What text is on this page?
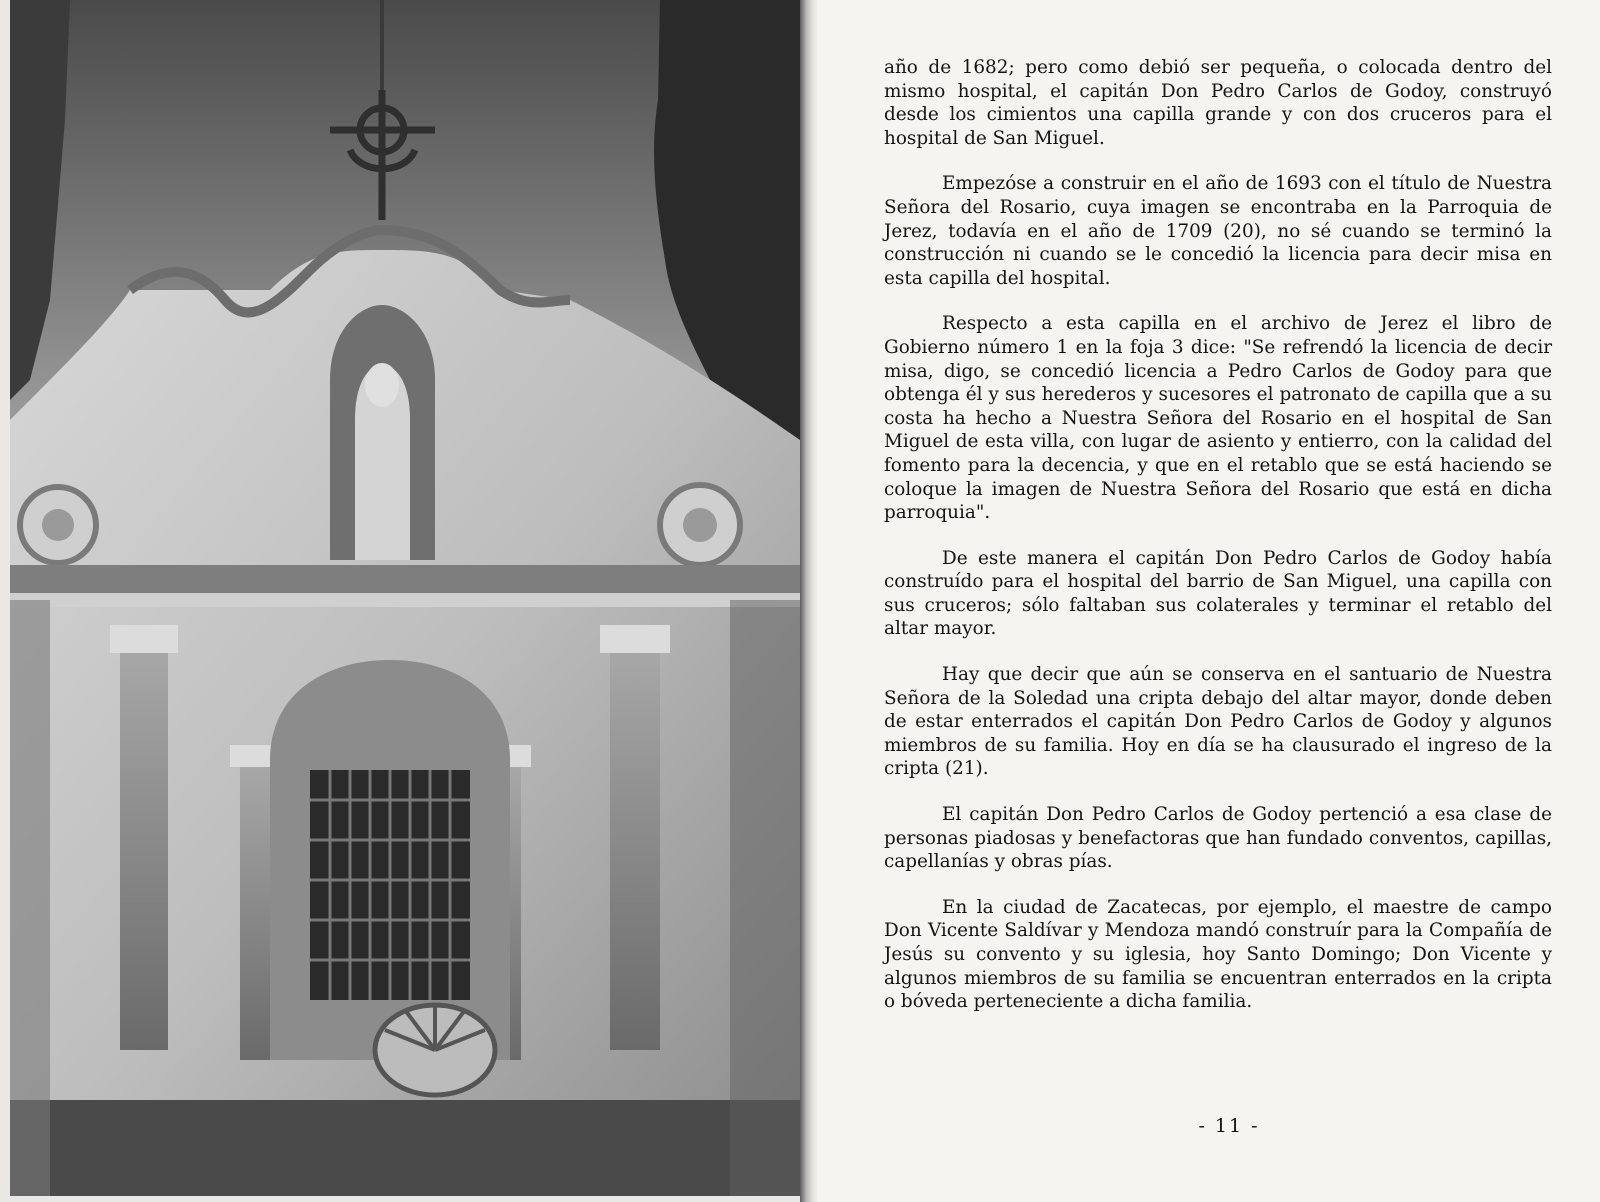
año de 1682; pero como debió ser pequeña, o colocada dentro del mismo hospital, el capitán Don Pedro Carlos de Godoy, construyó desde los cimientos una capilla grande y con dos cruceros para el hospital de San Miguel.

Empezóse a construir en el año de 1693 con el título de Nuestra Señora del Rosario, cuya imagen se encontraba en la Parroquia de Jerez, todavía en el año de 1709 (20), no sé cuando se terminó la construcción ni cuando se le concedió la licencia para decir misa en esta capilla del hospital.

Respecto a esta capilla en el archivo de Jerez el libro de Gobierno número 1 en la foja 3 dice: "Se refrendó la licencia de decir misa, digo, se concedió licencia a Pedro Carlos de Godoy para que obtenga él y sus herederos y sucesores el patronato de capilla que a su costa ha hecho a Nuestra Señora del Rosario en el hospital de San Miguel de esta villa, con lugar de asiento y entierro, con la calidad del fomento para la decencia, y que en el retablo que se está haciendo se coloque la imagen de Nuestra Señora del Rosario que está en dicha parroquia".

De este manera el capitán Don Pedro Carlos de Godoy había construído para el hospital del barrio de San Miguel, una capilla con sus cruceros; sólo faltaban sus colaterales y terminar el retablo del altar mayor.

Hay que decir que aún se conserva en el santuario de Nuestra Señora de la Soledad una cripta debajo del altar mayor, donde deben de estar enterrados el capitán Don Pedro Carlos de Godoy y algunos miembros de su familia. Hoy en día se ha clausurado el ingreso de la cripta (21).

El capitán Don Pedro Carlos de Godoy pertenció a esa clase de personas piadosas y benefactoras que han fundado conventos, capillas, capellanías y obras pías.

En la ciudad de Zacatecas, por ejemplo, el maestre de campo Don Vicente Saldívar y Mendoza mandó construír para la Compañía de Jesús su convento y su iglesia, hoy Santo Domingo; Don Vicente y algunos miembros de su familia se encuentran enterrados en la cripta o bóveda perteneciente a dicha familia.

- 11 -
